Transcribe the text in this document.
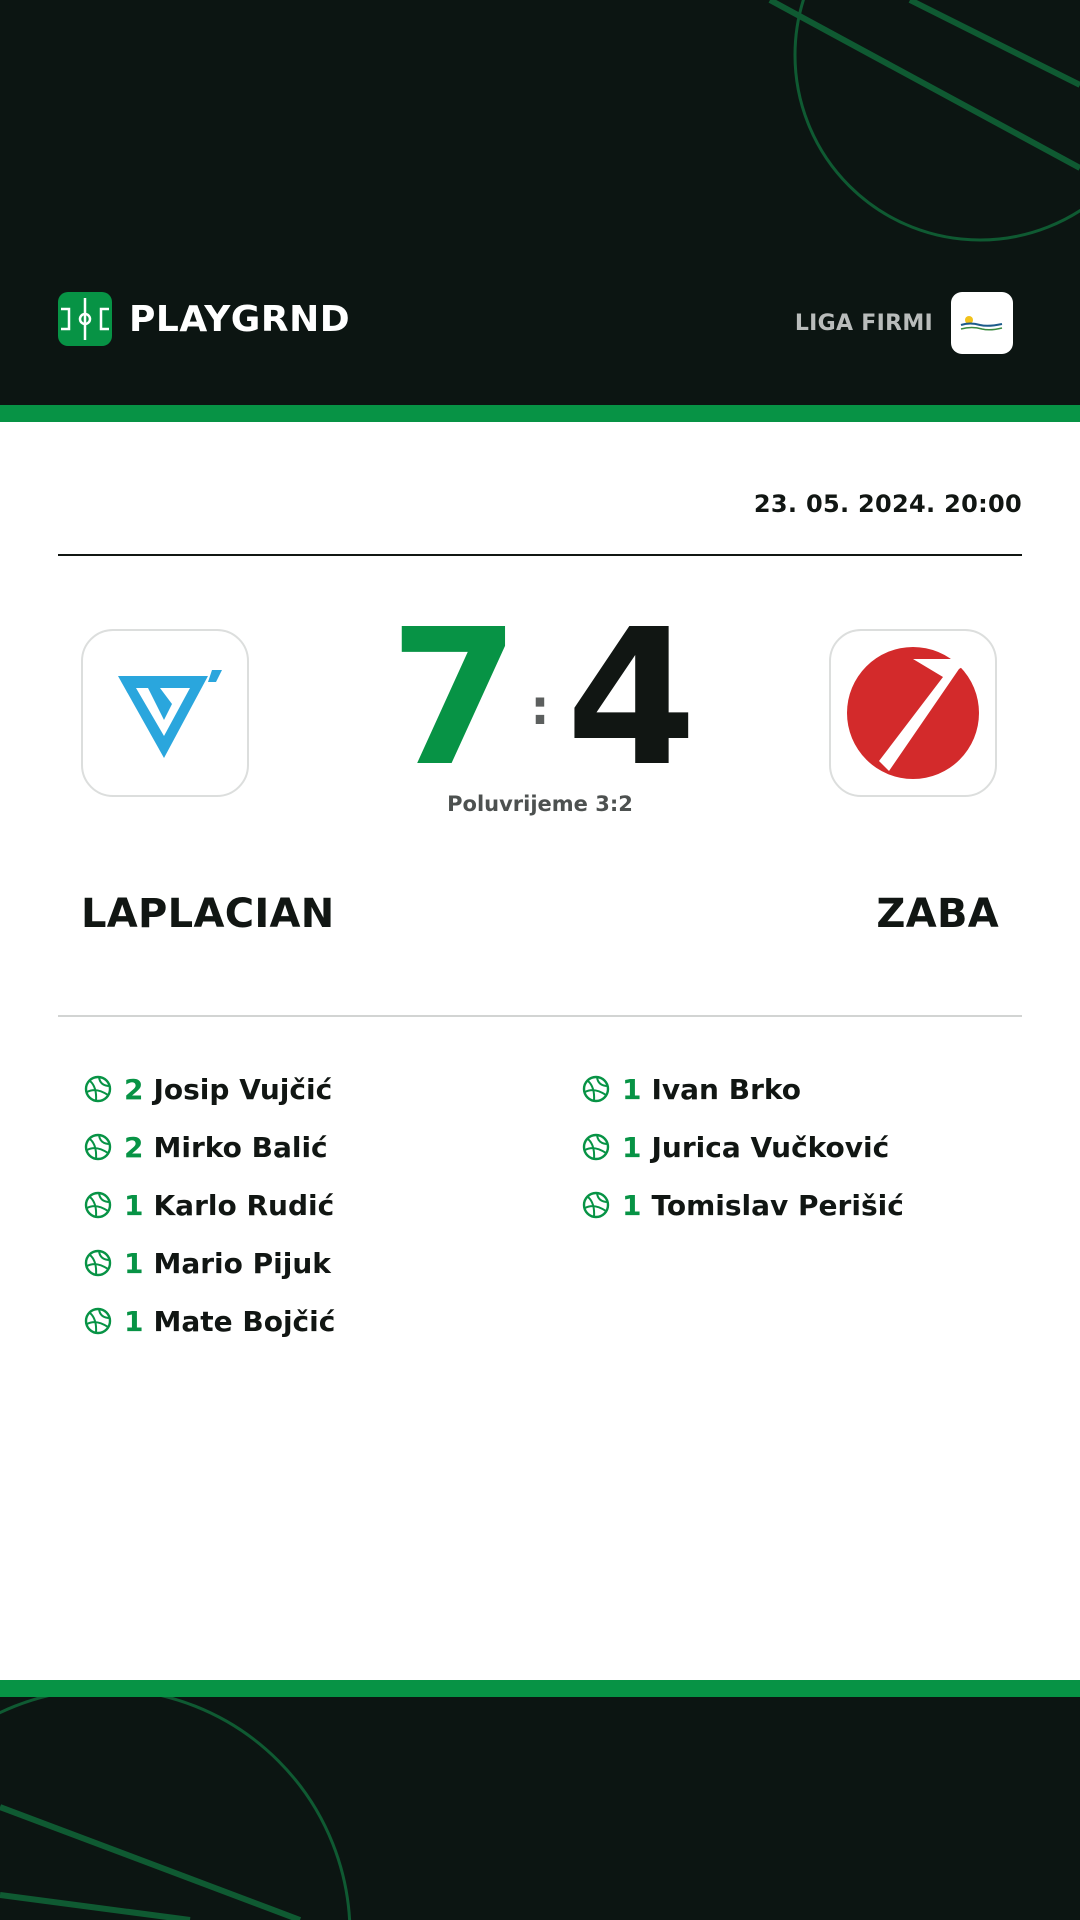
PLAYGRND	LIGA FIRMI
23. 05. 2024. 20:00
7 : 4
Poluvrijeme 3:2
LAPLACIAN	ZABA
2 Josip Vujčić
2 Mirko Balić
1 Karlo Rudić
1 Mario Pijuk
1 Mate Bojčić
1 Ivan Brko
1 Jurica Vučković
1 Tomislav Perišić
